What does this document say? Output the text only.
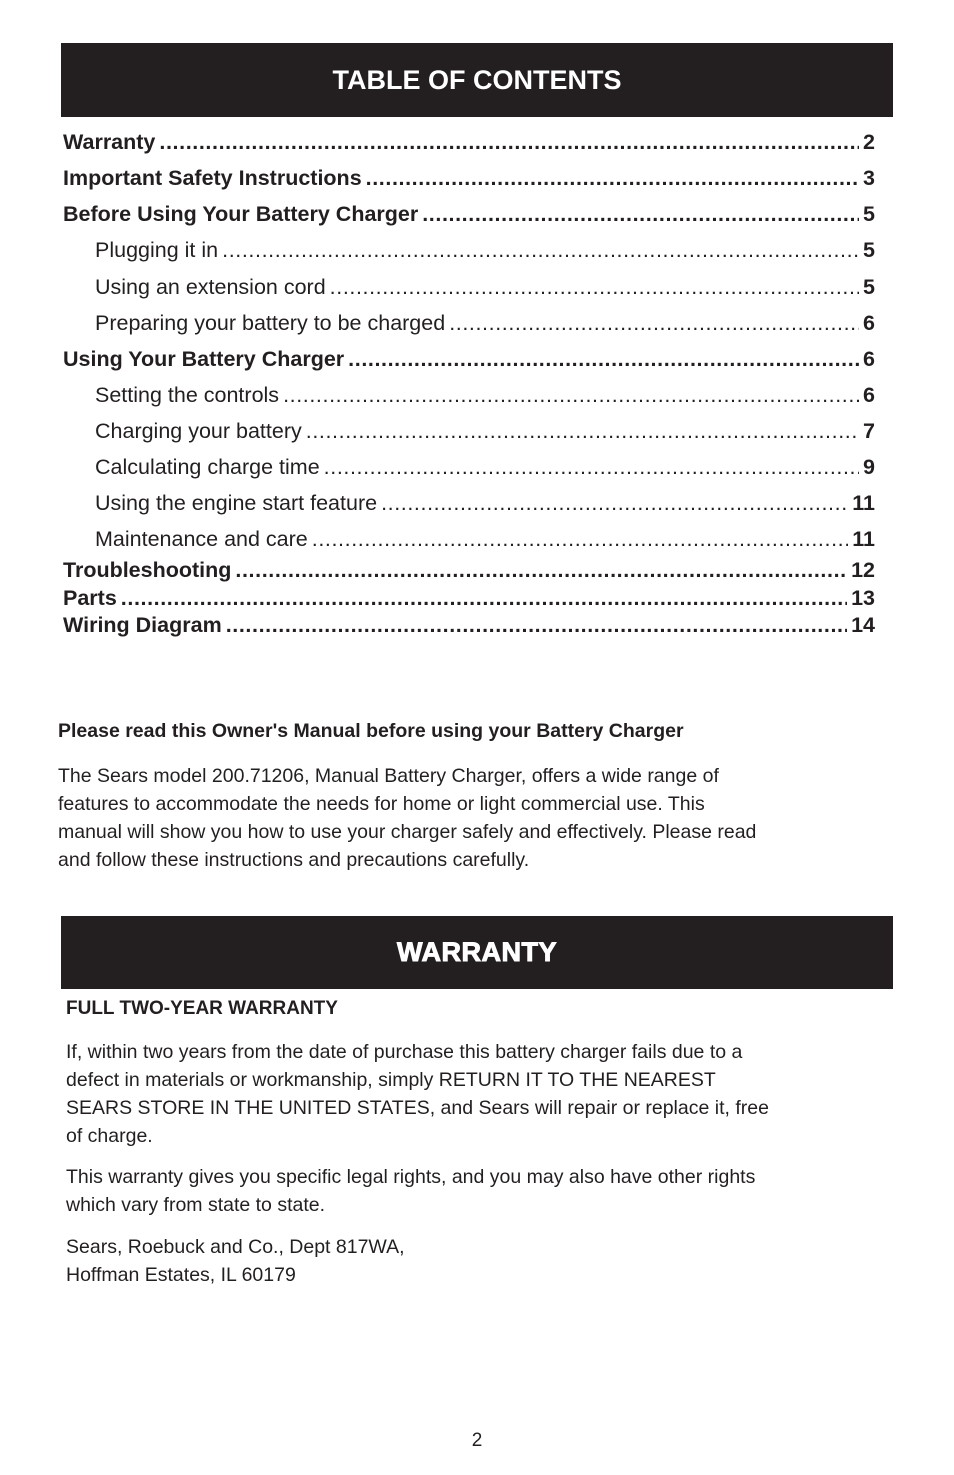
TABLE OF CONTENTS
Warranty .....	2
Important Safety Instructions .....	3
Before Using Your Battery Charger .....	5
Plugging it in .....	5
Using an extension cord .....	5
Preparing your battery to be charged .....	6
Using Your Battery Charger .....	6
Setting the controls .....	6
Charging your battery .....	7
Calculating charge time .....	9
Using the engine start feature .....	11
Maintenance and care .....	11
Troubleshooting .....	12
Parts .....	13
Wiring Diagram .....	14

Please read this Owner's Manual before using your Battery Charger

The Sears model 200.71206, Manual Battery Charger, offers a wide range of
features to accommodate the needs for home or light commercial use. This
manual will show you how to use your charger safely and effectively. Please read
and follow these instructions and precautions carefully.
WARRANTY

FULL TWO-YEAR WARRANTY

If, within two years from the date of purchase this battery charger fails due to a
defect in materials or workmanship, simply RETURN IT TO THE NEAREST
SEARS STORE IN THE UNITED STATES, and Sears will repair or replace it, free
of charge.
This warranty gives you specific legal rights, and you may also have other rights
which vary from state to state.
Sears, Roebuck and Co., Dept 817WA,
Hoffman Estates, IL 60179
2
